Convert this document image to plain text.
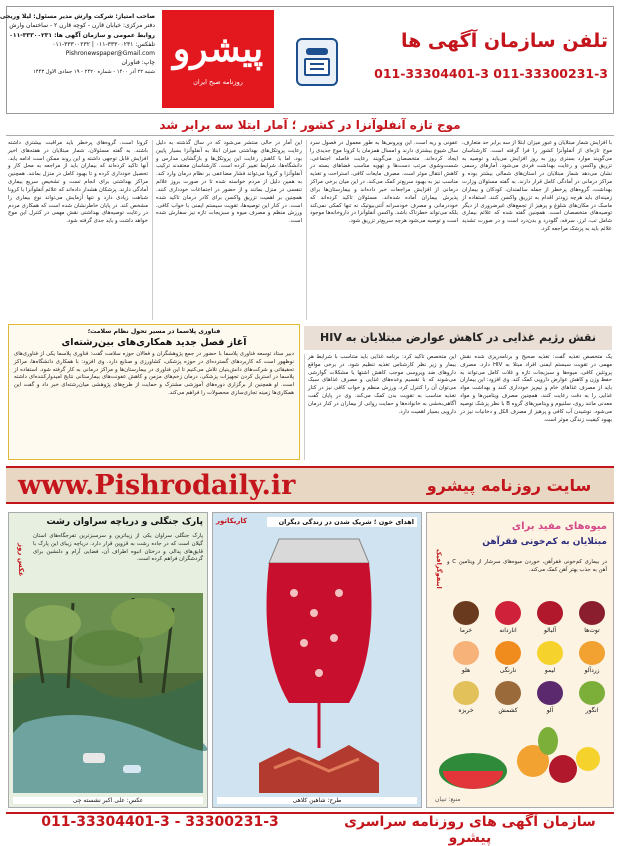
صاحب امتیاز: شرکت وارش مدیر مسئول: لیلا وریجی
دفتر مرکزی: خیابان قارن - کوچه قارن ۲ - ساختمان وارش
روابط عمومی و سازمان آگهی ها: ۳۳۳۰۰۲۳۱-۰۱۱
تلفکس: ۳۳۳۰۰۲۳۱-۰۱۱ | ۳۳۳۰۰۲۳۲-۰۱۱
Pishronewspaper@Gmail.com
چاپ: فناوران
شنبه ۲۲ آذر ۱۴۰۰ - شماره ۲۴۲۰ - ۱۹ جمادی الاول ۱۴۴۳
پیشرو
روزنامه صبح ایران
تلفن سازمان آگهی ها
011-33304401-3 011-33300231-3
موج تازه آنفلوآنزا در کشور ؛ آمار ابتلا سه برابر شد
با افزایش شمار مبتلایان و عبور میزان ابتلا از سه برابر حد متعارف، موج تازه‌ای از آنفلوآنزا کشور را فرا گرفته است. کارشناسان می‌گویند موارد بستری روز به روز افزایش می‌یابد و توصیه به تزریق واکسن و رعایت بهداشت فردی می‌شود. آمارهای رسمی نشان می‌دهد شمار مبتلایان در استان‌های شمالی بیشتر بوده و مراکز درمانی در آمادگی کامل قرار دارند. به گفته مسئولان وزارت بهداشت، گروه‌های پرخطر از جمله سالمندان، کودکان و بیماران زمینه‌ای باید هرچه زودتر اقدام به تزریق واکسن کنند. استفاده از ماسک در مکان‌های شلوغ و پرهیز از تجمع‌های غیرضروری از دیگر توصیه‌های متخصصان است. همچنین گفته شده که علائم بیماری شامل تب، لرز، سرفه، گلودرد و بدن‌درد است و در صورت تشدید علائم باید به پزشک مراجعه کرد.
عفونی و ریه است. این ویروس‌ها به طور معمول در فصول سرد سال شیوع بیشتری دارند و امسال همزمان با کرونا موج جدیدی را ایجاد کرده‌اند. متخصصان می‌گویند رعایت فاصله اجتماعی، شست‌وشوی مرتب دست‌ها و تهویه مناسب فضاهای بسته در کاهش انتقال موثر است. مصرف مایعات کافی، استراحت و تغذیه مناسب نیز به بهبود سریع‌تر کمک می‌کند. در این میان برخی مراکز درمانی از افزایش مراجعات خبر داده‌اند و بیمارستان‌ها برای پذیرش بیماران آماده شده‌اند. مسئولان تاکید کرده‌اند که خوددرمانی و مصرف خودسرانه آنتی‌بیوتیک نه تنها کمکی نمی‌کند بلکه می‌تواند خطرناک باشد. واکسن آنفلوآنزا در داروخانه‌ها موجود است و توصیه می‌شود هرچه سریع‌تر تزریق شود.
این آمار در حالی منتشر می‌شود که در سال گذشته به دلیل رعایت پروتکل‌های بهداشتی میزان ابتلا به آنفلوآنزا بسیار پایین بود. اما با کاهش رعایت این پروتکل‌ها و بازگشایی مدارس و دانشگاه‌ها، شرایط تغییر کرده است. کارشناسان معتقدند ترکیب آنفلوآنزا و کرونا می‌تواند فشار مضاعفی بر نظام درمان وارد کند. به همین دلیل از مردم خواسته شده تا در صورت بروز علائم تنفسی در منزل بمانند و از حضور در اجتماعات خودداری کنند. همچنین بر اهمیت تزریق واکسن برای کادر درمان تاکید شده است. در کنار این توصیه‌ها، تقویت سیستم ایمنی با خواب کافی، ورزش منظم و مصرف میوه و سبزیجات تازه نیز سفارش شده است.
کرونا است. گروه‌های پرخطر باید مراقبت بیشتری داشته باشند. به گفته مسئولان، شمار مبتلایان در هفته‌های اخیر افزایش قابل توجهی داشته و این روند ممکن است ادامه یابد. آنها تاکید کرده‌اند که بیماران باید از مراجعه به محل کار و تحصیل خودداری کرده و تا بهبود کامل در منزل بمانند. همچنین مراکز بهداشتی برای انجام تست و تشخیص سریع بیماری آمادگی دارند. پزشکان هشدار داده‌اند که علائم آنفلوآنزا با کرونا شباهت زیادی دارد و تنها آزمایش می‌تواند نوع بیماری را مشخص کند. در پایان خاطرنشان شده است که همکاری مردم در رعایت توصیه‌های بهداشتی نقش مهمی در کنترل این موج خواهد داشت و باید جدی گرفته شود.
فناوری پلاسما در مسیر تحول نظام سلامت؛
آغاز فصل جدید همکاری‌های بین‌رشته‌ای
دبیر ستاد توسعه فناوری پلاسما با حضور در جمع پژوهشگران و فعالان حوزه سلامت گفت: فناوری پلاسما یکی از فناوری‌های نوظهور است که کاربردهای گسترده‌ای در حوزه پزشکی، کشاورزی و صنایع دارد. وی افزود: با همکاری دانشگاه‌ها، مراکز تحقیقاتی و شرکت‌های دانش‌بنیان تلاش می‌کنیم تا این فناوری در بیمارستان‌ها و مراکز درمانی به کار گرفته شود. استفاده از پلاسما در استریل کردن تجهیزات پزشکی، درمان زخم‌های مزمن و کاهش عفونت‌های بیمارستانی نتایج امیدوارکننده‌ای داشته است. او همچنین از برگزاری دوره‌های آموزشی مشترک و حمایت از طرح‌های پژوهشی میان‌رشته‌ای خبر داد و گفت این همکاری‌ها زمینه تجاری‌سازی محصولات را فراهم می‌کند.
نقش رژیم غذایی در کاهش عوارض مبتلایان به HIV
یک متخصص تغذیه گفت: تغذیه صحیح و برنامه‌ریزی شده نقش مهمی در تقویت سیستم ایمنی افراد مبتلا به HIV دارد. مصرف پروتئین کافی، میوه‌ها و سبزیجات تازه و غلات کامل می‌تواند به حفظ وزن و کاهش عوارض دارویی کمک کند. وی افزود: این بیماران باید از مصرف غذاهای خام و نیم‌پز خودداری کنند و بهداشت مواد غذایی را به دقت رعایت کنند. همچنین مصرف ویتامین‌ها و مواد معدنی مانند روی، سلنیوم و ویتامین‌های گروه B با نظر پزشک توصیه می‌شود. نوشیدن آب کافی و پرهیز از مصرف الکل و دخانیات نیز در بهبود کیفیت زندگی موثر است.
این متخصص تاکید کرد: برنامه غذایی باید متناسب با شرایط هر بیمار و زیر نظر کارشناس تغذیه تنظیم شود. در برخی مواقع داروهای ضد ویروسی موجب کاهش اشتها یا مشکلات گوارشی می‌شوند که با تقسیم وعده‌های غذایی و مصرف غذاهای سبک می‌توان آن را کنترل کرد. ورزش منظم و خواب کافی نیز در کنار تغذیه مناسب به تقویت بدن کمک می‌کند. وی در پایان گفت آگاهی‌بخشی به خانواده‌ها و حمایت روانی از بیماران در کنار درمان دارویی بسیار اهمیت دارد.
www.Pishrodaily.ir	سایت روزنامه پیشرو
پارک جنگلی و دریاچه سراوان رشت
پارک جنگلی سراوان یکی از زیباترین و سرسبزترین تفرجگاه‌های استان گیلان است که در جاده رشت به قزوین قرار دارد. دریاچه زیبای این پارک با قایق‌های پدالی و درختان انبوه اطراف آن، فضایی آرام و دلنشین برای گردشگران فراهم کرده است.
عکس روز
عکس: علی اکبر نشسته چی
اهدای خون ؛ شریک شدن در زندگی دیگران
کاریکاتور
طرح: شاهین کلاهی
میوه‌های مفید برای
مبتلایان به کم‌خونی فقرآهن
اینفوگرافیک در بیماری کم‌خونی فقرآهن، خوردن میوه‌های سرشار از ویتامین C و آهن به جذب بهتر آهن کمک می‌کند.
توت‌ها
آلبالو
اناردانه
خرما
زردآلو
لیمو
نارنگی
هلو
انگور
آلو
کشمش
خربزه
منبع: تبیان
سازمان آگهی های روزنامه سراسری پیشرو
011-33304401-3 - 33300231-3
